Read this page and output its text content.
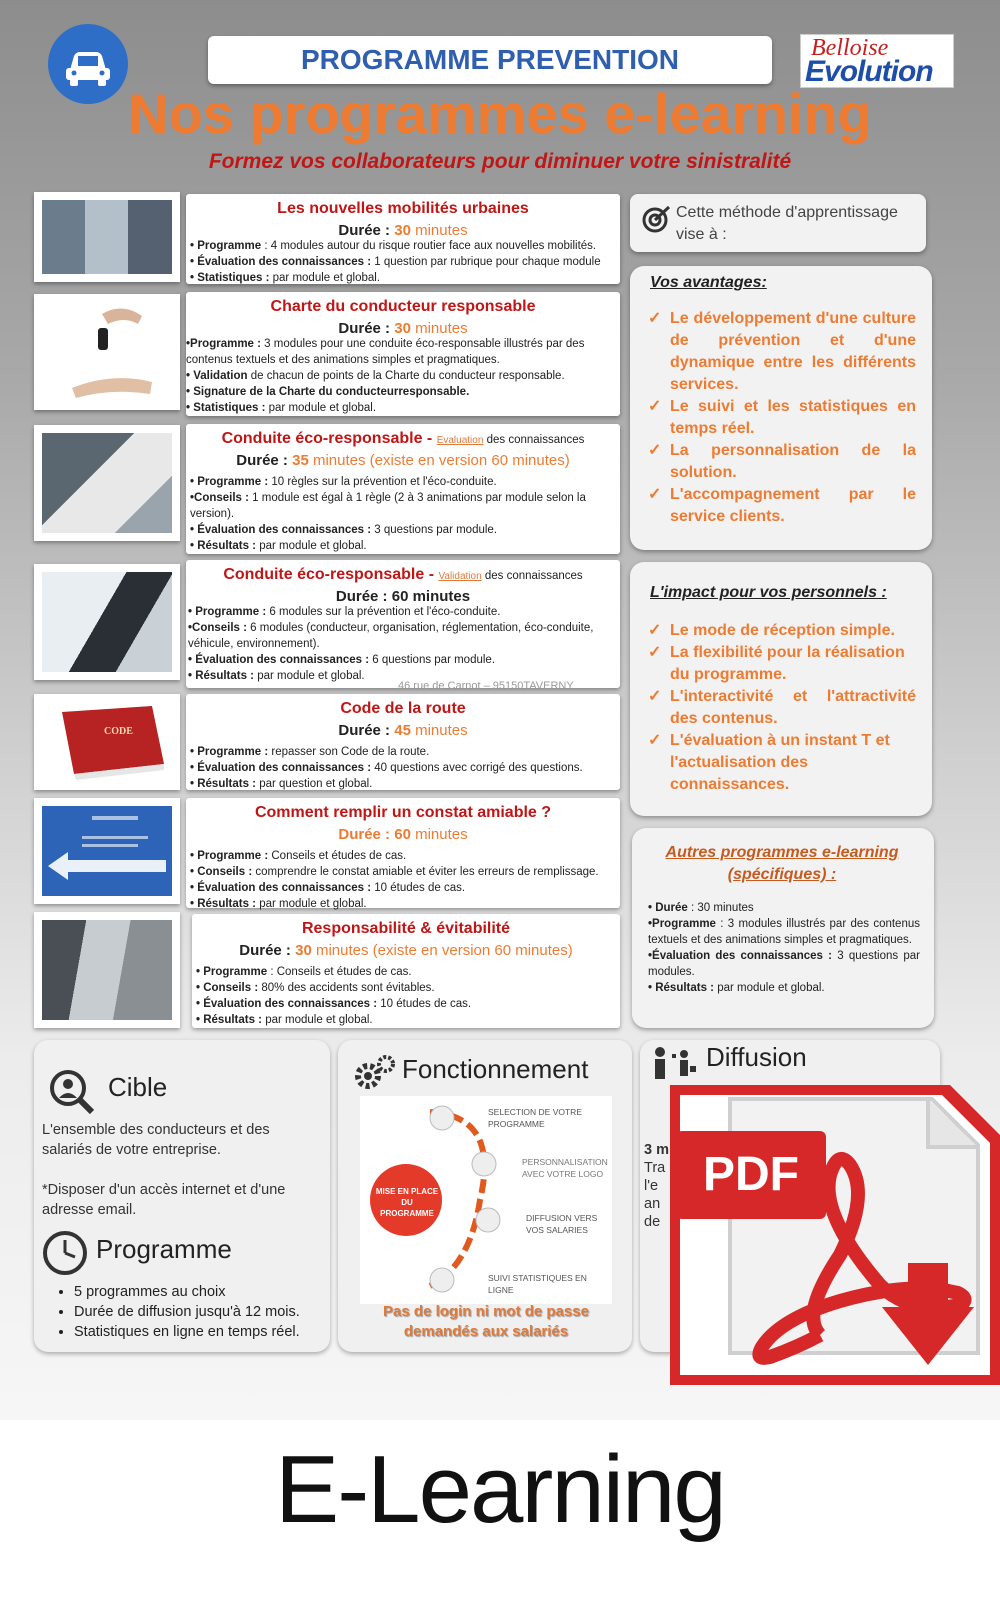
PROGRAMME PREVENTION	Belloise
Evolution
Nos programmes e-learning
Formez vos collaborateurs pour diminuer votre sinistralité
CODE
Les nouvelles mobilités urbaines
Durée : 30 minutes
• Programme : 4 modules autour du risque routier face aux nouvelles mobilités.
• Évaluation des connaissances : 1 question par rubrique pour chaque module
• Statistiques : par module et global.
Charte du conducteur responsable
Durée : 30 minutes
•Programme : 3 modules pour une conduite éco-responsable illustrés par des contenus textuels et des animations simples et pragmatiques.
• Validation de chacun de points de la Charte du conducteur responsable.
• Signature de la Charte du conducteurresponsable.
• Statistiques : par module et global.
Conduite éco-responsable - Evaluation des connaissances
Durée : 35 minutes (existe en version 60 minutes)
• Programme : 10 règles sur la prévention et l'éco-conduite.
•Conseils : 1 module est égal à 1 règle (2 à 3 animations par module selon la version).
• Évaluation des connaissances : 3 questions par module.
• Résultats : par module et global.
Conduite éco-responsable - Validation des connaissances
Durée : 60 minutes
• Programme : 6 modules sur la prévention et l'éco-conduite.
•Conseils : 6 modules (conducteur, organisation, réglementation, éco-conduite, véhicule, environnement).
• Évaluation des connaissances : 6 questions par module.
• Résultats : par module et global.
Code de la route
Durée : 45 minutes
• Programme : repasser son Code de la route.
• Évaluation des connaissances : 40 questions avec corrigé des questions.
• Résultats : par question et global.
46 rue de Carnot – 95150TAVERNY
Comment remplir un constat amiable ?
Durée : 60 minutes
• Programme : Conseils et études de cas.
• Conseils : comprendre le constat amiable et éviter les erreurs de remplissage.
• Évaluation des connaissances : 10 études de cas.
• Résultats : par module et global.
Responsabilité & évitabilité
Durée : 30 minutes (existe en version 60 minutes)
• Programme : Conseils et études de cas.
• Conseils : 80% des accidents sont évitables.
• Évaluation des connaissances : 10 études de cas.
• Résultats : par module et global.
Cette méthode d'apprentissage vise à :
Vos avantages:
✓ Le développement d'une culture de prévention et d'une dynamique entre les différents services.
✓ Le suivi et les statistiques en temps réel.
✓ La personnalisation de la solution.
✓ L'accompagnement par le service clients.
L'impact pour vos personnels :
✓ Le mode de réception simple.
✓ La flexibilité pour la réalisation du programme.
✓ L'interactivité et l'attractivité des contenus.
✓ L'évaluation à un instant T et l'actualisation des connaissances.
Autres programmes e-learning (spécifiques) :
• Durée : 30 minutes
•Programme : 3 modules illustrés par des contenus textuels et des animations simples et pragmatiques.
•Évaluation des connaissances : 3 questions par modules.
• Résultats : par module et global.
Cible
L'ensemble des conducteurs et des salariés de votre entreprise.
*Disposer d'un accès internet et d'une adresse email.
Programme
• 5 programmes au choix
• Durée de diffusion jusqu'à 12 mois.
• Statistiques en ligne en temps réel.
Fonctionnement
MISE EN PLACE DU PROGRAMME
SELECTION DE VOTRE PROGRAMME
PERSONNALISATION AVEC VOTRE LOGO
DIFFUSION VERS VOS SALARIES
SUIVI STATISTIQUES EN LIGNE
Pas de login ni mot de passe demandés aux salariés
Diffusion
3 m
Tra
l'e
an
de
PDF
E-Learning
